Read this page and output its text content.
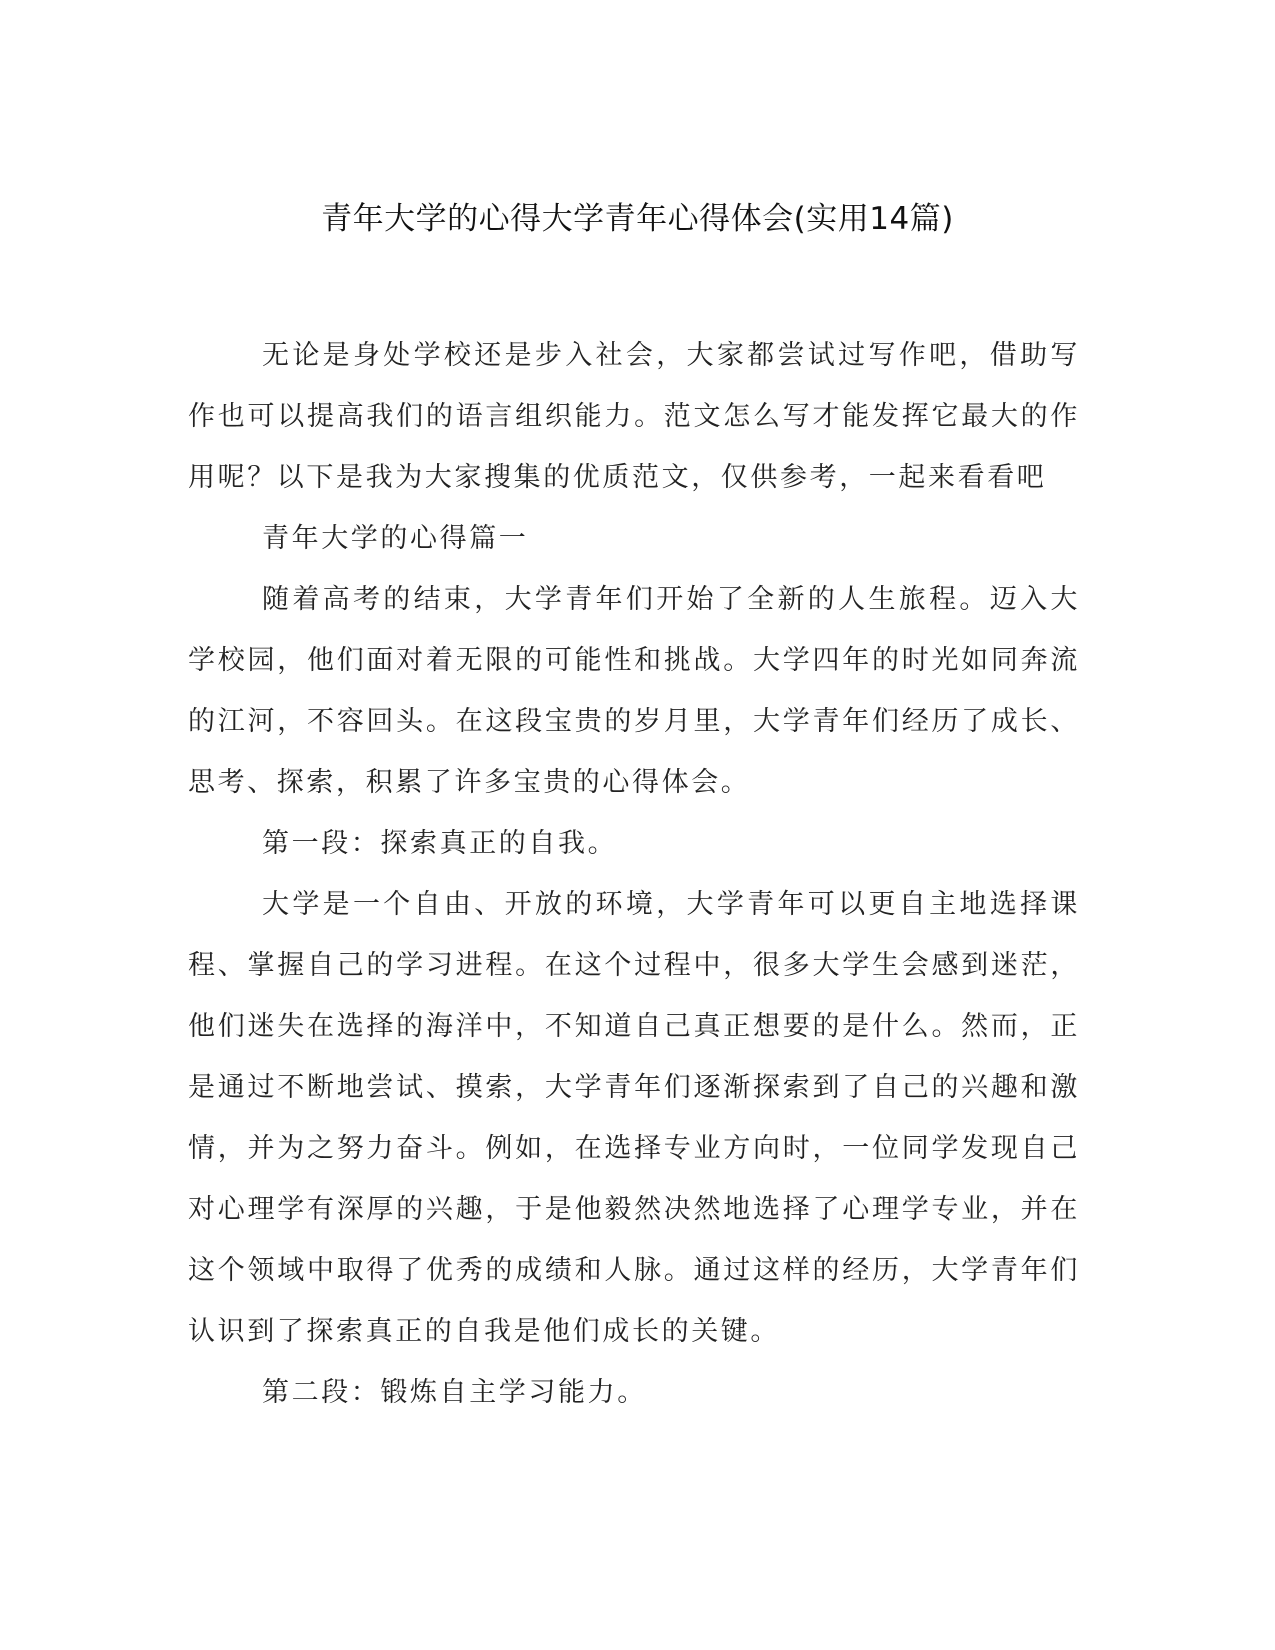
青年大学的心得大学青年心得体会(实用14篇)

无论是身处学校还是步入社会，大家都尝试过写作吧，借助写作也可以提高我们的语言组织能力。范文怎么写才能发挥它最大的作用呢？以下是我为大家搜集的优质范文，仅供参考，一起来看看吧

青年大学的心得篇一

随着高考的结束，大学青年们开始了全新的人生旅程。迈入大学校园，他们面对着无限的可能性和挑战。大学四年的时光如同奔流的江河，不容回头。在这段宝贵的岁月里，大学青年们经历了成长、思考、探索，积累了许多宝贵的心得体会。

第一段：探索真正的自我。

大学是一个自由、开放的环境，大学青年可以更自主地选择课程、掌握自己的学习进程。在这个过程中，很多大学生会感到迷茫，他们迷失在选择的海洋中，不知道自己真正想要的是什么。然而，正是通过不断地尝试、摸索，大学青年们逐渐探索到了自己的兴趣和激情，并为之努力奋斗。例如，在选择专业方向时，一位同学发现自己对心理学有深厚的兴趣，于是他毅然决然地选择了心理学专业，并在这个领域中取得了优秀的成绩和人脉。通过这样的经历，大学青年们认识到了探索真正的自我是他们成长的关键。

第二段：锻炼自主学习能力。
